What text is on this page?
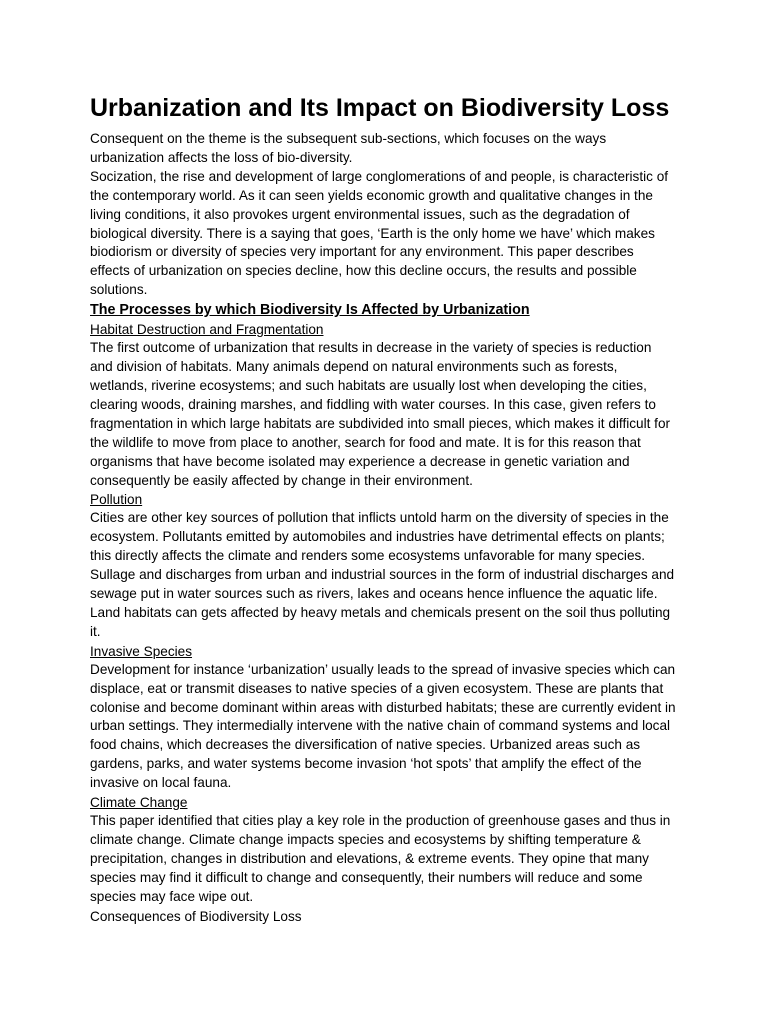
Urbanization and Its Impact on Biodiversity Loss

Consequent on the theme is the subsequent sub-sections, which focuses on the ways urbanization affects the loss of bio-diversity.

Socization, the rise and development of large conglomerations of and people, is characteristic of the contemporary world. As it can seen yields economic growth and qualitative changes in the living conditions, it also provokes urgent environmental issues, such as the degradation of biological diversity. There is a saying that goes, ‘Earth is the only home we have’ which makes biodiorism or diversity of species very important for any environment. This paper describes effects of urbanization on species decline, how this decline occurs, the results and possible solutions.

The Processes by which Biodiversity Is Affected by Urbanization
Habitat Destruction and Fragmentation

The first outcome of urbanization that results in decrease in the variety of species is reduction and division of habitats. Many animals depend on natural environments such as forests, wetlands, riverine ecosystems; and such habitats are usually lost when developing the cities, clearing woods, draining marshes, and fiddling with water courses. In this case, given refers to fragmentation in which large habitats are subdivided into small pieces, which makes it difficult for the wildlife to move from place to another, search for food and mate. It is for this reason that organisms that have become isolated may experience a decrease in genetic variation and consequently be easily affected by change in their environment.

Pollution

Cities are other key sources of pollution that inflicts untold harm on the diversity of species in the ecosystem. Pollutants emitted by automobiles and industries have detrimental effects on plants; this directly affects the climate and renders some ecosystems unfavorable for many species. Sullage and discharges from urban and industrial sources in the form of industrial discharges and sewage put in water sources such as rivers, lakes and oceans hence influence the aquatic life. Land habitats can gets affected by heavy metals and chemicals present on the soil thus polluting it.

Invasive Species

Development for instance ‘urbanization’ usually leads to the spread of invasive species which can displace, eat or transmit diseases to native species of a given ecosystem. These are plants that colonise and become dominant within areas with disturbed habitats; these are currently evident in urban settings. They intermedially intervene with the native chain of command systems and local food chains, which decreases the diversification of native species. Urbanized areas such as gardens, parks, and water systems become invasion ‘hot spots’ that amplify the effect of the invasive on local fauna.

Climate Change

This paper identified that cities play a key role in the production of greenhouse gases and thus in climate change. Climate change impacts species and ecosystems by shifting temperature & precipitation, changes in distribution and elevations, & extreme events. They opine that many species may find it difficult to change and consequently, their numbers will reduce and some species may face wipe out.

Consequences of Biodiversity Loss
